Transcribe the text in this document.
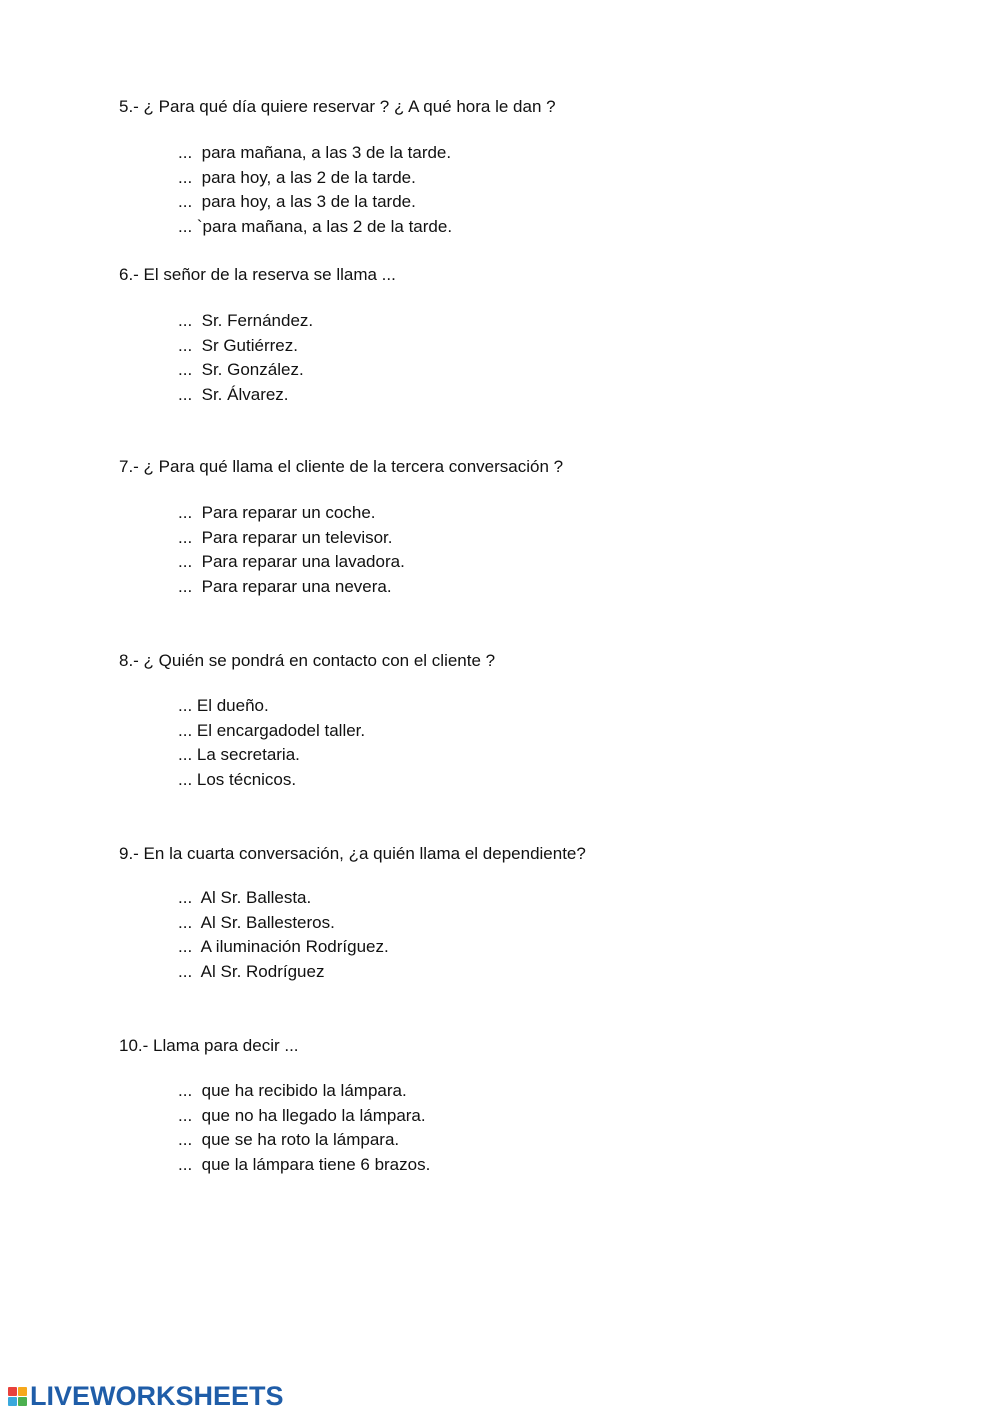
5.- ¿ Para qué día quiere reservar ? ¿ A qué hora le dan ?
...  para mañana, a las 3 de la tarde.
...  para hoy, a las 2 de la tarde.
...  para hoy, a las 3 de la tarde.
... `para mañana, a las 2 de la tarde.
6.- El señor de la reserva se llama ...
...  Sr. Fernández.
...  Sr Gutiérrez.
...  Sr. González.
...  Sr. Álvarez.
7.- ¿ Para qué llama el cliente de la tercera conversación ?
...  Para reparar un coche.
...  Para reparar un televisor.
...  Para reparar una lavadora.
...  Para reparar una nevera.
8.- ¿ Quién se pondrá en contacto con el cliente ?
... El dueño.
... El encargadodel taller.
... La secretaria.
... Los técnicos.
9.- En la cuarta conversación, ¿a quién llama el dependiente?
...  Al Sr. Ballesta.
...  Al Sr. Ballesteros.
...  A iluminación Rodríguez.
...  Al Sr. Rodríguez
10.- Llama para decir ...
...  que ha recibido la lámpara.
...  que no ha llegado la lámpara.
...  que se ha roto la lámpara.
...  que la lámpara tiene 6 brazos.
LIVEWORKSHEETS
